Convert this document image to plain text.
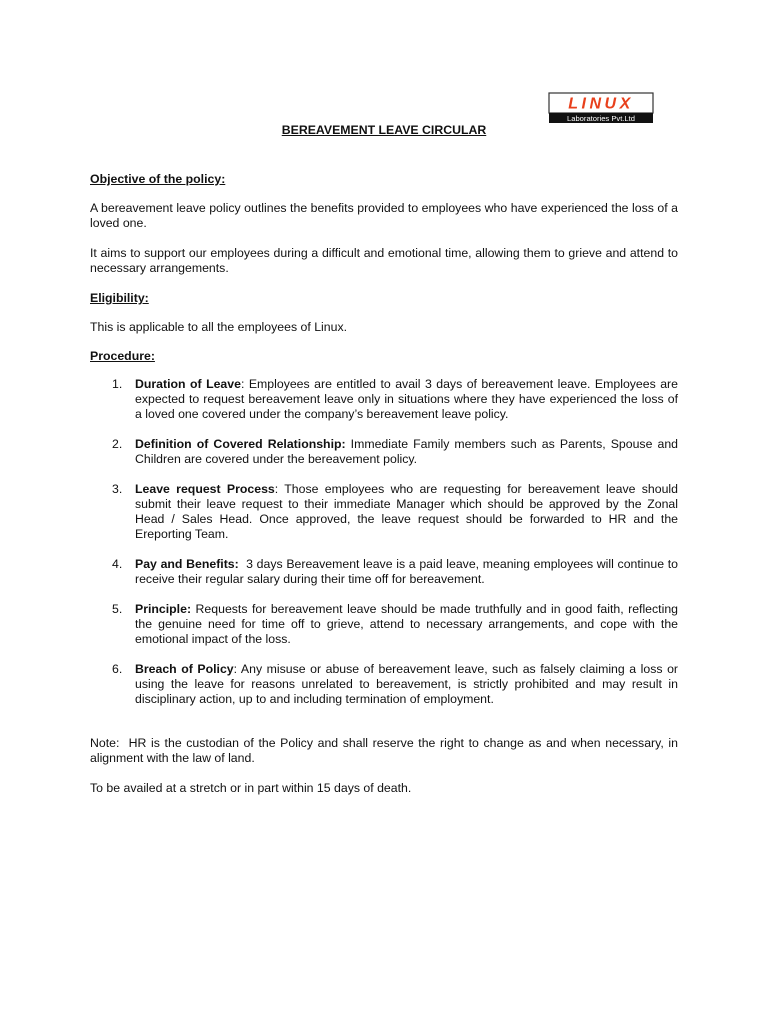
LINUX
Laboratories Pvt.Ltd
BEREAVEMENT LEAVE CIRCULAR

Objective of the policy:

A bereavement leave policy outlines the benefits provided to employees who have experienced the loss of a loved one.

It aims to support our employees during a difficult and emotional time, allowing them to grieve and attend to necessary arrangements.

Eligibility:

This is applicable to all the employees of Linux.

Procedure:

1. Duration of Leave: Employees are entitled to avail 3 days of bereavement leave. Employees are expected to request bereavement leave only in situations where they have experienced the loss of a loved one covered under the company’s bereavement leave policy.
2. Definition of Covered Relationship: Immediate Family members such as Parents, Spouse and Children are covered under the bereavement policy.
3. Leave request Process: Those employees who are requesting for bereavement leave should submit their leave request to their immediate Manager which should be approved by the Zonal Head / Sales Head. Once approved, the leave request should be forwarded to HR and the Ereporting Team.
4. Pay and Benefits: 3 days Bereavement leave is a paid leave, meaning employees will continue to receive their regular salary during their time off for bereavement.
5. Principle: Requests for bereavement leave should be made truthfully and in good faith, reflecting the genuine need for time off to grieve, attend to necessary arrangements, and cope with the emotional impact of the loss.
6. Breach of Policy: Any misuse or abuse of bereavement leave, such as falsely claiming a loss or using the leave for reasons unrelated to bereavement, is strictly prohibited and may result in disciplinary action, up to and including termination of employment.

Note:  HR is the custodian of the Policy and shall reserve the right to change as and when necessary, in alignment with the law of land.

To be availed at a stretch or in part within 15 days of death.
